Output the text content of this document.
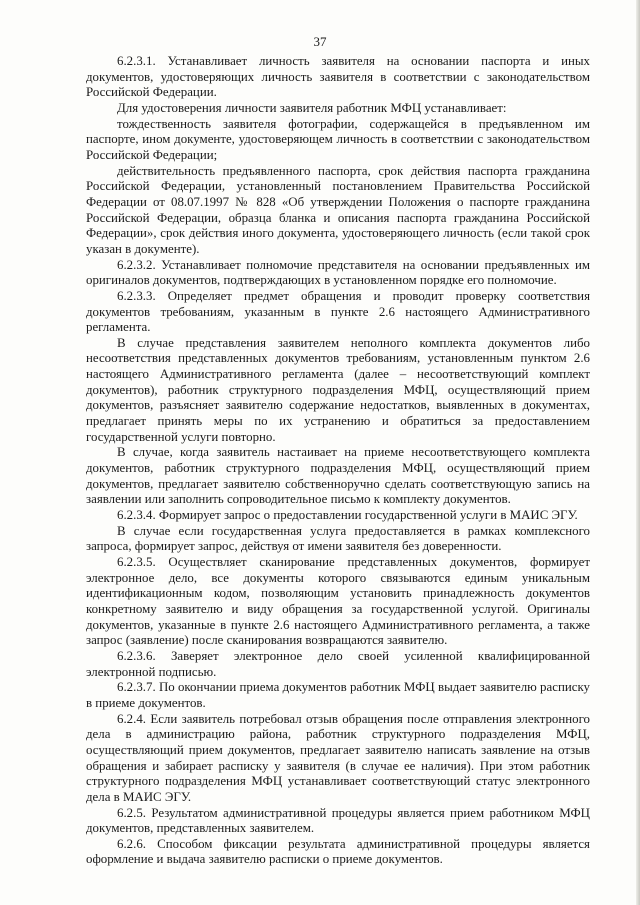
37

6.2.3.1. Устанавливает личность заявителя на основании паспорта и иных документов, удостоверяющих личность заявителя в соответствии с законодательством Российской Федерации.

Для удостоверения личности заявителя работник МФЦ устанавливает:

тождественность заявителя фотографии, содержащейся в предъявленном им паспорте, ином документе, удостоверяющем личность в соответствии с законодательством Российской Федерации;

действительность предъявленного паспорта, срок действия паспорта гражданина Российской Федерации, установленный постановлением Правительства Российской Федерации от 08.07.1997 № 828 «Об утверждении Положения о паспорте гражданина Российской Федерации, образца бланка и описания паспорта гражданина Российской Федерации», срок действия иного документа, удостоверяющего личность (если такой срок указан в документе).

6.2.3.2. Устанавливает полномочие представителя на основании предъявленных им оригиналов документов, подтверждающих в установленном порядке его полномочие.

6.2.3.3. Определяет предмет обращения и проводит проверку соответствия документов требованиям, указанным в пункте 2.6 настоящего Административного регламента.

В случае представления заявителем неполного комплекта документов либо несоответствия представленных документов требованиям, установленным пунктом 2.6 настоящего Административного регламента (далее – несоответствующий комплект документов), работник структурного подразделения МФЦ, осуществляющий прием документов, разъясняет заявителю содержание недостатков, выявленных в документах, предлагает принять меры по их устранению и обратиться за предоставлением государственной услуги повторно.

В случае, когда заявитель настаивает на приеме несоответствующего комплекта документов, работник структурного подразделения МФЦ, осуществляющий прием документов, предлагает заявителю собственноручно сделать соответствующую запись на заявлении или заполнить сопроводительное письмо к комплекту документов.

6.2.3.4. Формирует запрос о предоставлении государственной услуги в МАИС ЭГУ.

В случае если государственная услуга предоставляется в рамках комплексного запроса, формирует запрос, действуя от имени заявителя без доверенности.

6.2.3.5. Осуществляет сканирование представленных документов, формирует электронное дело, все документы которого связываются единым уникальным идентификационным кодом, позволяющим установить принадлежность документов конкретному заявителю и виду обращения за государственной услугой. Оригиналы документов, указанные в пункте 2.6 настоящего Административного регламента, а также запрос (заявление) после сканирования возвращаются заявителю.

6.2.3.6. Заверяет электронное дело своей усиленной квалифицированной электронной подписью.

6.2.3.7. По окончании приема документов работник МФЦ выдает заявителю расписку в приеме документов.

6.2.4. Если заявитель потребовал отзыв обращения после отправления электронного дела в администрацию района, работник структурного подразделения МФЦ, осуществляющий прием документов, предлагает заявителю написать заявление на отзыв обращения и забирает расписку у заявителя (в случае ее наличия). При этом работник структурного подразделения МФЦ устанавливает соответствующий статус электронного дела в МАИС ЭГУ.

6.2.5. Результатом административной процедуры является прием работником МФЦ документов, представленных заявителем.

6.2.6. Способом фиксации результата административной процедуры является оформление и выдача заявителю расписки о приеме документов.
